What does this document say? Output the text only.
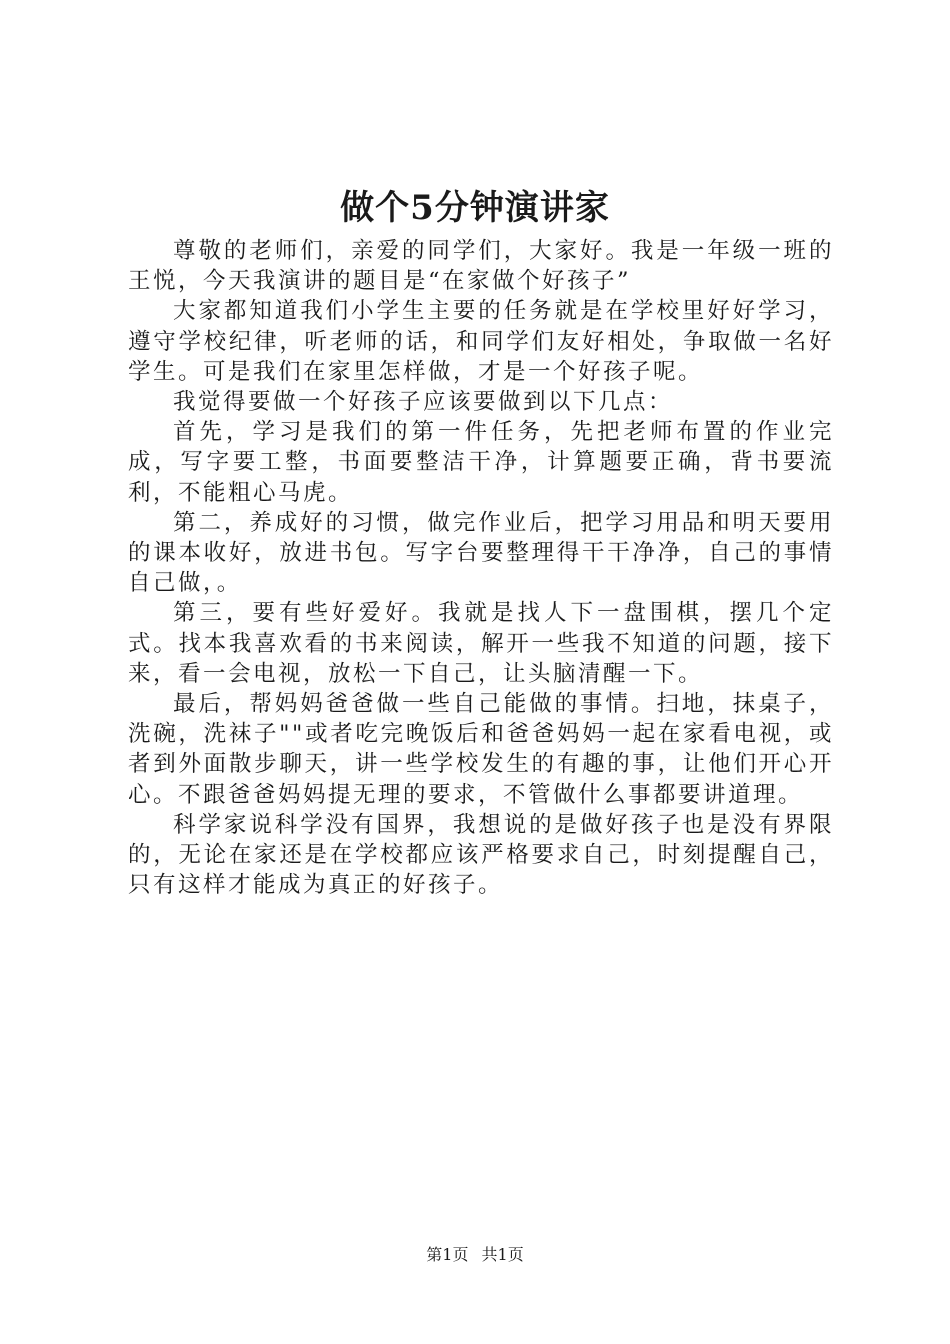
做个5分钟演讲家

尊敬的老师们，亲爱的同学们，大家好。我是一年级一班的王悦，今天我演讲的题目是“在家做个好孩子”

大家都知道我们小学生主要的任务就是在学校里好好学习，遵守学校纪律，听老师的话，和同学们友好相处，争取做一名好学生。可是我们在家里怎样做，才是一个好孩子呢。

我觉得要做一个好孩子应该要做到以下几点：

首先，学习是我们的第一件任务，先把老师布置的作业完成，写字要工整，书面要整洁干净，计算题要正确，背书要流利，不能粗心马虎。

第二，养成好的习惯，做完作业后，把学习用品和明天要用的课本收好，放进书包。写字台要整理得干干净净，自己的事情自己做，。

第三，要有些好爱好。我就是找人下一盘围棋，摆几个定式。找本我喜欢看的书来阅读，解开一些我不知道的问题，接下来，看一会电视，放松一下自己，让头脑清醒一下。

最后，帮妈妈爸爸做一些自己能做的事情。扫地，抹桌子，洗碗，洗袜子""或者吃完晚饭后和爸爸妈妈一起在家看电视，或者到外面散步聊天，讲一些学校发生的有趣的事，让他们开心开心。不跟爸爸妈妈提无理的要求，不管做什么事都要讲道理。

科学家说科学没有国界，我想说的是做好孩子也是没有界限的，无论在家还是在学校都应该严格要求自己，时刻提醒自己，只有这样才能成为真正的好孩子。

第1页 共1页
